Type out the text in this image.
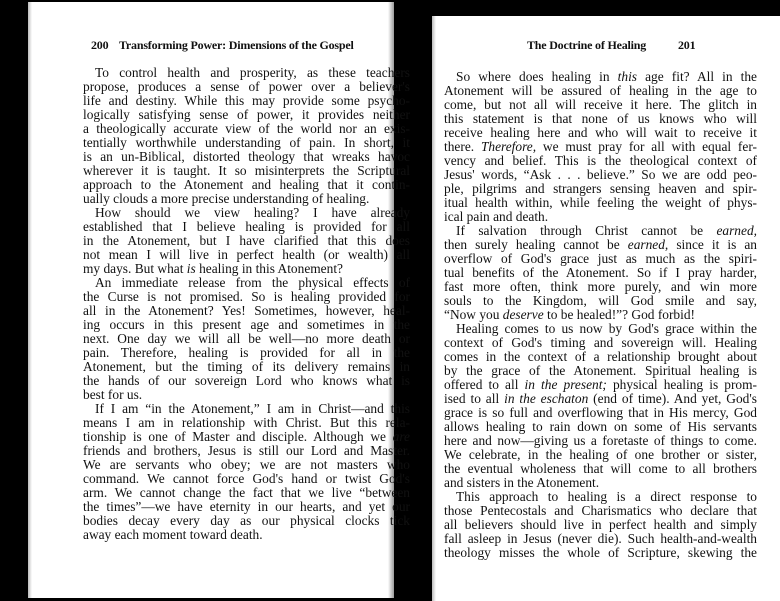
200 Transforming Power: Dimensions of the Gospel
To control health and prosperity, as these teachers
propose, produces a sense of power over a believer's
life and destiny. While this may provide some psycho-
logically satisfying sense of power, it provides neither
a theologically accurate view of the world nor an exis-
tentially worthwhile understanding of pain. In short, it
is an un-Biblical, distorted theology that wreaks havoc
wherever it is taught. It so misinterprets the Scriptural
approach to the Atonement and healing that it contin-
ually clouds a more precise understanding of healing.
How should we view healing? I have already
established that I believe healing is provided for all
in the Atonement, but I have clarified that this does
not mean I will live in perfect health (or wealth) all
my days. But what is healing in this Atonement?
An immediate release from the physical effects of
the Curse is not promised. So is healing provided for
all in the Atonement? Yes! Sometimes, however, heal-
ing occurs in this present age and sometimes in the
next. One day we will all be well—no more death or
pain. Therefore, healing is provided for all in the
Atonement, but the timing of its delivery remains in
the hands of our sovereign Lord who knows what is
best for us.
If I am “in the Atonement,” I am in Christ—and this
means I am in relationship with Christ. But this rela-
tionship is one of Master and disciple. Although we are
friends and brothers, Jesus is still our Lord and Master.
We are servants who obey; we are not masters who
command. We cannot force God's hand or twist God's
arm. We cannot change the fact that we live “between
the times”—we have eternity in our hearts, and yet our
bodies decay every day as our physical clocks tick
away each moment toward death.
The Doctrine of Healing	201
So where does healing in this age fit? All in the
Atonement will be assured of healing in the age to
come, but not all will receive it here. The glitch in
this statement is that none of us knows who will
receive healing here and who will wait to receive it
there. Therefore, we must pray for all with equal fer-
vency and belief. This is the theological context of
Jesus' words, “Ask . . . believe.” So we are odd peo-
ple, pilgrims and strangers sensing heaven and spir-
itual health within, while feeling the weight of phys-
ical pain and death.
If salvation through Christ cannot be earned,
then surely healing cannot be earned, since it is an
overflow of God's grace just as much as the spiri-
tual benefits of the Atonement. So if I pray harder,
fast more often, think more purely, and win more
souls to the Kingdom, will God smile and say,
“Now you deserve to be healed!”? God forbid!
Healing comes to us now by God's grace within the
context of God's timing and sovereign will. Healing
comes in the context of a relationship brought about
by the grace of the Atonement. Spiritual healing is
offered to all in the present; physical healing is prom-
ised to all in the eschaton (end of time). And yet, God's
grace is so full and overflowing that in His mercy, God
allows healing to rain down on some of His servants
here and now—giving us a foretaste of things to come.
We celebrate, in the healing of one brother or sister,
the eventual wholeness that will come to all brothers
and sisters in the Atonement.
This approach to healing is a direct response to
those Pentecostals and Charismatics who declare that
all believers should live in perfect health and simply
fall asleep in Jesus (never die). Such health-and-wealth
theology misses the whole of Scripture, skewing the
